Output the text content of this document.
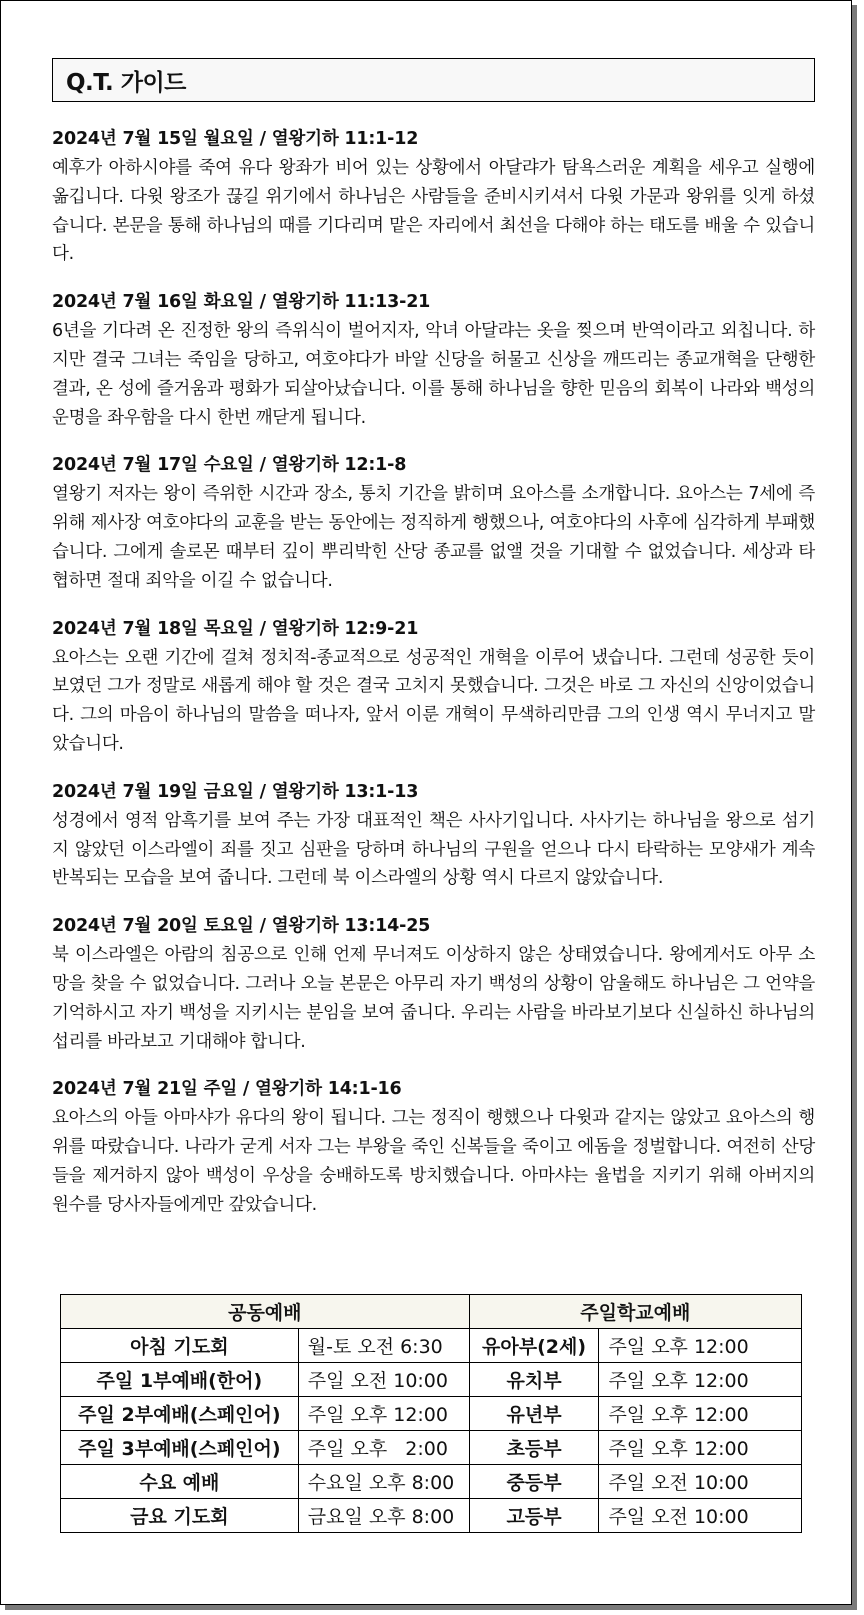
Q.T. 가이드
2024년 7월 15일 월요일 / 열왕기하 11:1-12
예후가 아하시야를 죽여 유다 왕좌가 비어 있는 상황에서 아달랴가 탐욕스러운 계획을 세우고 실행에 옮깁니다. 다윗 왕조가 끊길 위기에서 하나님은 사람들을 준비시키셔서 다윗 가문과 왕위를 잇게 하셨습니다. 본문을 통해 하나님의 때를 기다리며 맡은 자리에서 최선을 다해야 하는 태도를 배울 수 있습니다.
2024년 7월 16일 화요일 / 열왕기하 11:13-21
6년을 기다려 온 진정한 왕의 즉위식이 벌어지자, 악녀 아달랴는 옷을 찢으며 반역이라고 외칩니다. 하지만 결국 그녀는 죽임을 당하고, 여호야다가 바알 신당을 허물고 신상을 깨뜨리는 종교개혁을 단행한 결과, 온 성에 즐거움과 평화가 되살아났습니다. 이를 통해 하나님을 향한 믿음의 회복이 나라와 백성의 운명을 좌우함을 다시 한번 깨닫게 됩니다.
2024년 7월 17일 수요일 / 열왕기하 12:1-8
열왕기 저자는 왕이 즉위한 시간과 장소, 통치 기간을 밝히며 요아스를 소개합니다. 요아스는 7세에 즉위해 제사장 여호야다의 교훈을 받는 동안에는 정직하게 행했으나, 여호야다의 사후에 심각하게 부패했습니다. 그에게 솔로몬 때부터 깊이 뿌리박힌 산당 종교를 없앨 것을 기대할 수 없었습니다. 세상과 타협하면 절대 죄악을 이길 수 없습니다.
2024년 7월 18일 목요일 / 열왕기하 12:9-21
요아스는 오랜 기간에 걸쳐 정치적-종교적으로 성공적인 개혁을 이루어 냈습니다. 그런데 성공한 듯이 보였던 그가 정말로 새롭게 해야 할 것은 결국 고치지 못했습니다. 그것은 바로 그 자신의 신앙이었습니다. 그의 마음이 하나님의 말씀을 떠나자, 앞서 이룬 개혁이 무색하리만큼 그의 인생 역시 무너지고 말았습니다.
2024년 7월 19일 금요일 / 열왕기하 13:1-13
성경에서 영적 암흑기를 보여 주는 가장 대표적인 책은 사사기입니다. 사사기는 하나님을 왕으로 섬기지 않았던 이스라엘이 죄를 짓고 심판을 당하며 하나님의 구원을 얻으나 다시 타락하는 모양새가 계속 반복되는 모습을 보여 줍니다. 그런데 북 이스라엘의 상황 역시 다르지 않았습니다.
2024년 7월 20일 토요일 / 열왕기하 13:14-25
북 이스라엘은 아람의 침공으로 인해 언제 무너져도 이상하지 않은 상태였습니다. 왕에게서도 아무 소망을 찾을 수 없었습니다. 그러나 오늘 본문은 아무리 자기 백성의 상황이 암울해도 하나님은 그 언약을 기억하시고 자기 백성을 지키시는 분임을 보여 줍니다. 우리는 사람을 바라보기보다 신실하신 하나님의 섭리를 바라보고 기대해야 합니다.
2024년 7월 21일 주일 / 열왕기하 14:1-16
요아스의 아들 아마샤가 유다의 왕이 됩니다. 그는 정직이 행했으나 다윗과 같지는 않았고 요아스의 행위를 따랐습니다. 나라가 굳게 서자 그는 부왕을 죽인 신복들을 죽이고 에돔을 정벌합니다. 여전히 산당들을 제거하지 않아 백성이 우상을 숭배하도록 방치했습니다. 아마샤는 율법을 지키기 위해 아버지의 원수를 당사자들에게만 갚았습니다.
공동예배		주일학교예배	
아침 기도회	월-토 오전 6:30	유아부(2세)	주일 오후 12:00
주일 1부예배(한어)	주일 오전 10:00	유치부	주일 오후 12:00
주일 2부예배(스페인어)	주일 오후 12:00	유년부	주일 오후 12:00
주일 3부예배(스페인어)	주일 오후   2:00	초등부	주일 오후 12:00
수요 예배	수요일 오후 8:00	중등부	주일 오전 10:00
금요 기도회	금요일 오후 8:00	고등부	주일 오전 10:00
